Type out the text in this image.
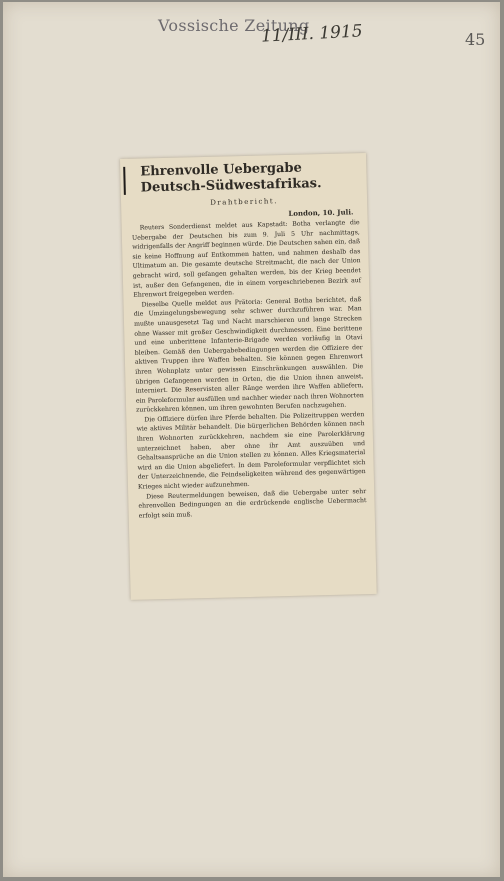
Vossische Zeitung
11/III. 1915	45
Ehrenvolle Uebergabe Deutsch-Südwestafrikas.
Drahtbericht.
London, 10. Juli.

Reuters Sonderdienst meldet aus Kapstadt: Botha verlangte die Uebergabe der Deutschen bis zum 9. Juli 5 Uhr nachmittags, widrigenfalls der Angriff beginnen würde. Die Deutschen sahen ein, daß sie keine Hoffnung auf Entkommen hatten, und nahmen deshalb das Ultimatum an. Die gesamte deutsche Streitmacht, die nach der Union gebracht wird, soll gefangen gehalten werden, bis der Krieg beendet ist, außer den Gefangenen, die in einem vorgeschriebenen Bezirk auf Ehrenwort freigegeben werden.

Dieselbe Quelle meldet aus Prätoria: General Botha berichtet, daß die Umzingelungsbewegung sehr schwer durchzuführen war. Man mußte unausgesetzt Tag und Nacht marschieren und lange Strecken ohne Wasser mit großer Geschwindigkeit durchmessen. Eine berittene und eine unberittene Infanterie-Brigade werden vorläufig in Otavi bleiben. Gemäß den Uebergabebedingungen werden die Offiziere der aktiven Truppen ihre Waffen behalten. Sie können gegen Ehrenwort ihren Wohnplatz unter gewissen Einschränkungen auswählen. Die übrigen Gefangenen werden in Orten, die die Union ihnen anweist, interniert. Die Reservisten aller Ränge werden ihre Waffen abliefern, ein Paroleformular ausfüllen und nachher wieder nach ihren Wohnorten zurückkehren können, um ihren gewohnten Berufen nachzugehen.

Die Offiziere dürfen ihre Pferde behalten. Die Polizeitruppen werden wie aktives Militär behandelt. Die bürgerlichen Behörden können nach ihren Wohnorten zurückkehren, nachdem sie eine Parolerklärung unterzeichnet haben, aber ohne ihr Amt auszuüben und Gehaltsansprüche an die Union stellen zu können. Alles Kriegsmaterial wird an die Union abgeliefert. In dem Paroleformular verpflichtet sich der Unterzeichnende, die Feindseligkeiten während des gegenwärtigen Krieges nicht wieder aufzunehmen.

Diese Reutermeldungen beweisen, daß die Uebergabe unter sehr ehrenvollen Bedingungen an die erdrückende englische Uebermacht erfolgt sein muß.
